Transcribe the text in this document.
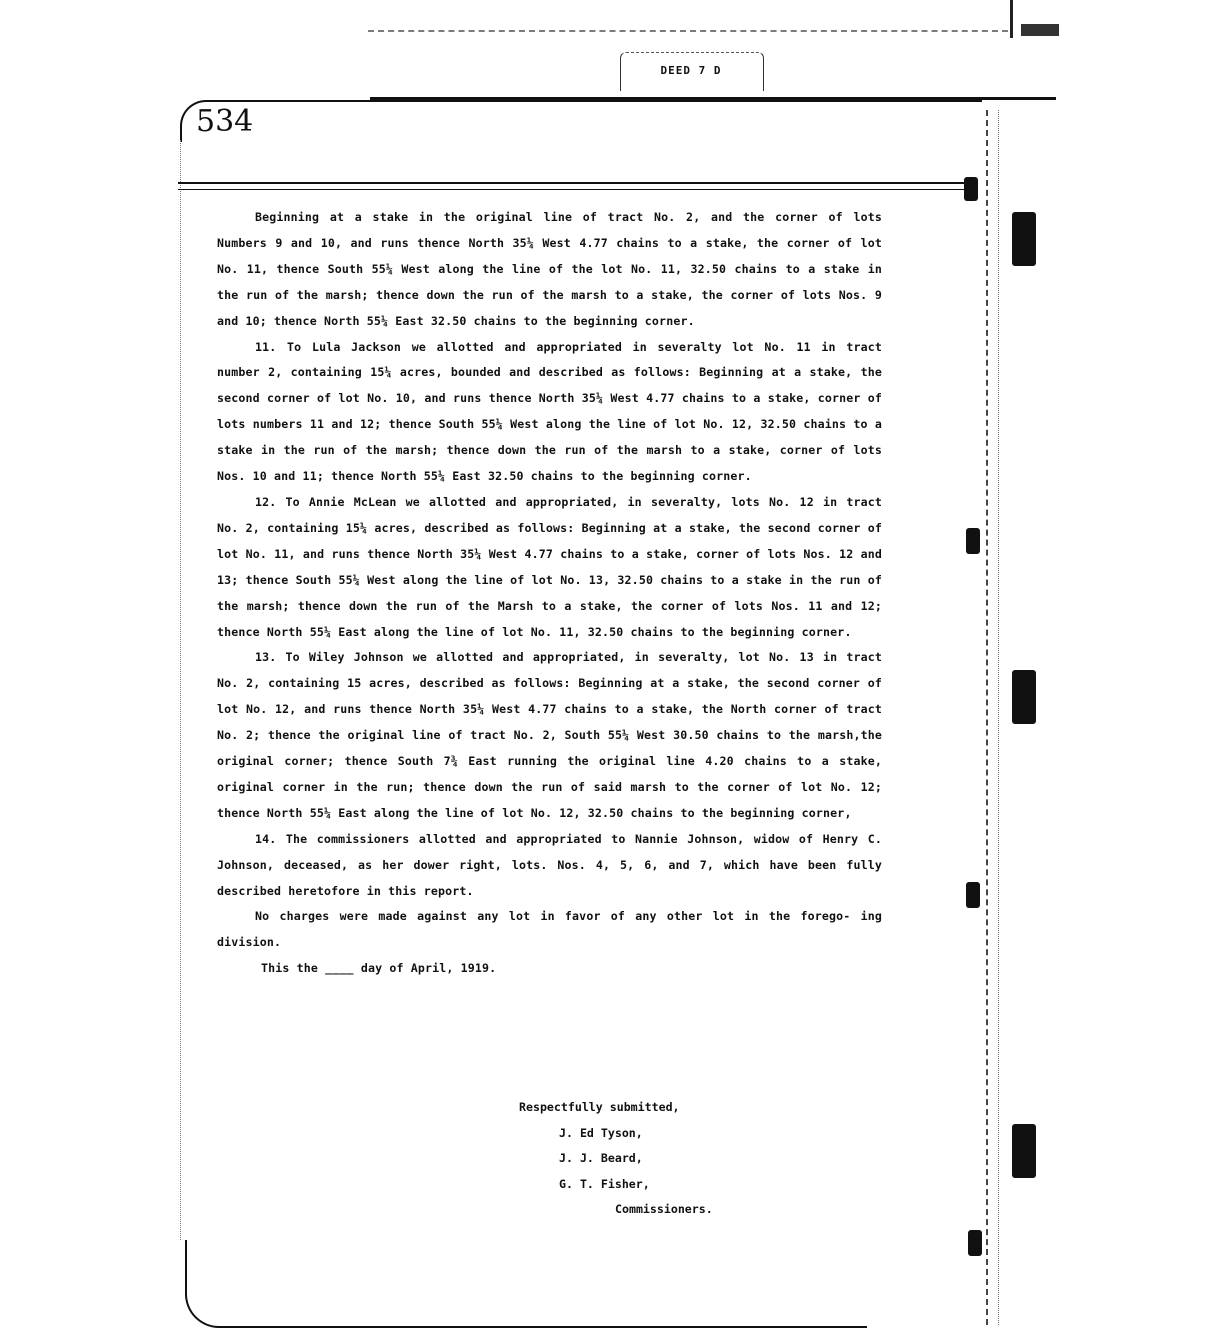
DEED 7 D
534

Beginning at a stake in the original line of tract No. 2, and the corner of lots Numbers 9 and 10, and runs thence North 35¼ West 4.77 chains to a stake, the corner of lot No. 11, thence South 55¼ West along the line of the lot No. 11, 32.50 chains to a stake in the run of the marsh; thence down the run of the marsh to a stake, the corner of lots Nos. 9 and 10; thence North 55¼ East 32.50 chains to the beginning corner.

11. To Lula Jackson we allotted and appropriated in severalty lot No. 11 in tract number 2, containing 15¼ acres, bounded and described as follows: Beginning at a stake, the second corner of lot No. 10, and runs thence North 35¼ West 4.77 chains to a stake, corner of lots numbers 11 and 12; thence South 55¼ West along the line of lot No. 12, 32.50 chains to a stake in the run of the marsh; thence down the run of the marsh to a stake, corner of lots Nos. 10 and 11; thence North 55¼ East 32.50 chains to the beginning corner.

12. To Annie McLean we allotted and appropriated, in severalty, lots No. 12 in tract No. 2, containing 15¼ acres, described as follows: Beginning at a stake, the second corner of lot No. 11, and runs thence North 35¼ West 4.77 chains to a stake, corner of lots Nos. 12 and 13; thence South 55¼ West along the line of lot No. 13, 32.50 chains to a stake in the run of the marsh; thence down the run of the Marsh to a stake, the corner of lots Nos. 11 and 12; thence North 55¼ East along the line of lot No. 11, 32.50 chains to the beginning corner.

13. To Wiley Johnson we allotted and appropriated, in severalty, lot No. 13 in tract No. 2, containing 15 acres, described as follows: Beginning at a stake, the second corner of lot No. 12, and runs thence North 35¼ West 4.77 chains to a stake, the North corner of tract No. 2; thence the original line of tract No. 2, South 55¼ West 30.50 chains to the marsh,the original corner; thence South 7¾ East running the original line 4.20 chains to a stake, original corner in the run; thence down the run of said marsh to the corner of lot No. 12; thence North 55¼ East along the line of lot No. 12, 32.50 chains to the beginning corner,

14. The commissioners allotted and appropriated to Nannie Johnson, widow of Henry C. Johnson, deceased, as her dower right, lots. Nos. 4, 5, 6, and 7, which have been fully described heretofore in this report.

No charges were made against any lot in favor of any other lot in the forego- ing division.

This the ____ day of April, 1919.

Respectfully submitted,
J. Ed Tyson,
J. J. Beard,
G. T. Fisher,
Commissioners.
